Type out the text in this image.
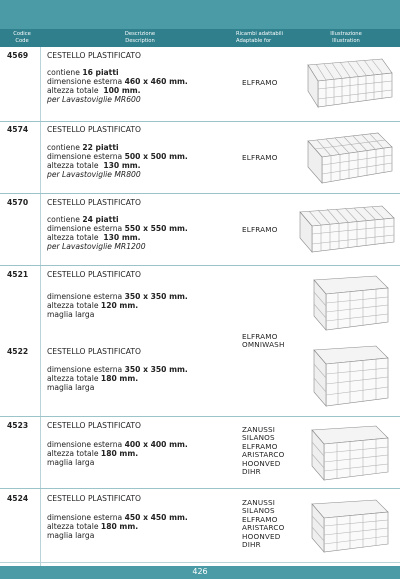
Codice
Code
Descrizione
Description
Ricambi adattabili
Adaptable for
Illustrazione
Illustration
4569 CESTELLO PLASTIFICATO
contiene 16 piatti
dimensione esterna 460 x 460 mm.
altezza totale 100 mm.
per Lavastoviglie MR600
ELFRAMO
4574 CESTELLO PLASTIFICATO
contiene 22 piatti
dimensione esterna 500 x 500 mm.
altezza totale 130 mm.
per Lavastoviglie MR800
ELFRAMO
4570 CESTELLO PLASTIFICATO
contiene 24 piatti
dimensione esterna 550 x 550 mm.
altezza totale 130 mm.
per Lavastoviglie MR1200
ELFRAMO
4521 CESTELLO PLASTIFICATO
dimensione esterna 350 x 350 mm.
altezza totale 120 mm.
maglia larga
4522 CESTELLO PLASTIFICATO
dimensione esterna 350 x 350 mm.
altezza totale 180 mm.
maglia larga
ELFRAMO
OMNIWASH
4523 CESTELLO PLASTIFICATO
dimensione esterna 400 x 400 mm.
altezza totale 180 mm.
maglia larga
ZANUSSI
SILANOS
ELFRAMO
ARISTARCO
HOONVED
DIHR
4524 CESTELLO PLASTIFICATO
dimensione esterna 450 x 450 mm.
altezza totale 180 mm.
maglia larga
ZANUSSI
SILANOS
ELFRAMO
ARISTARCO
HOONVED
DIHR
426
